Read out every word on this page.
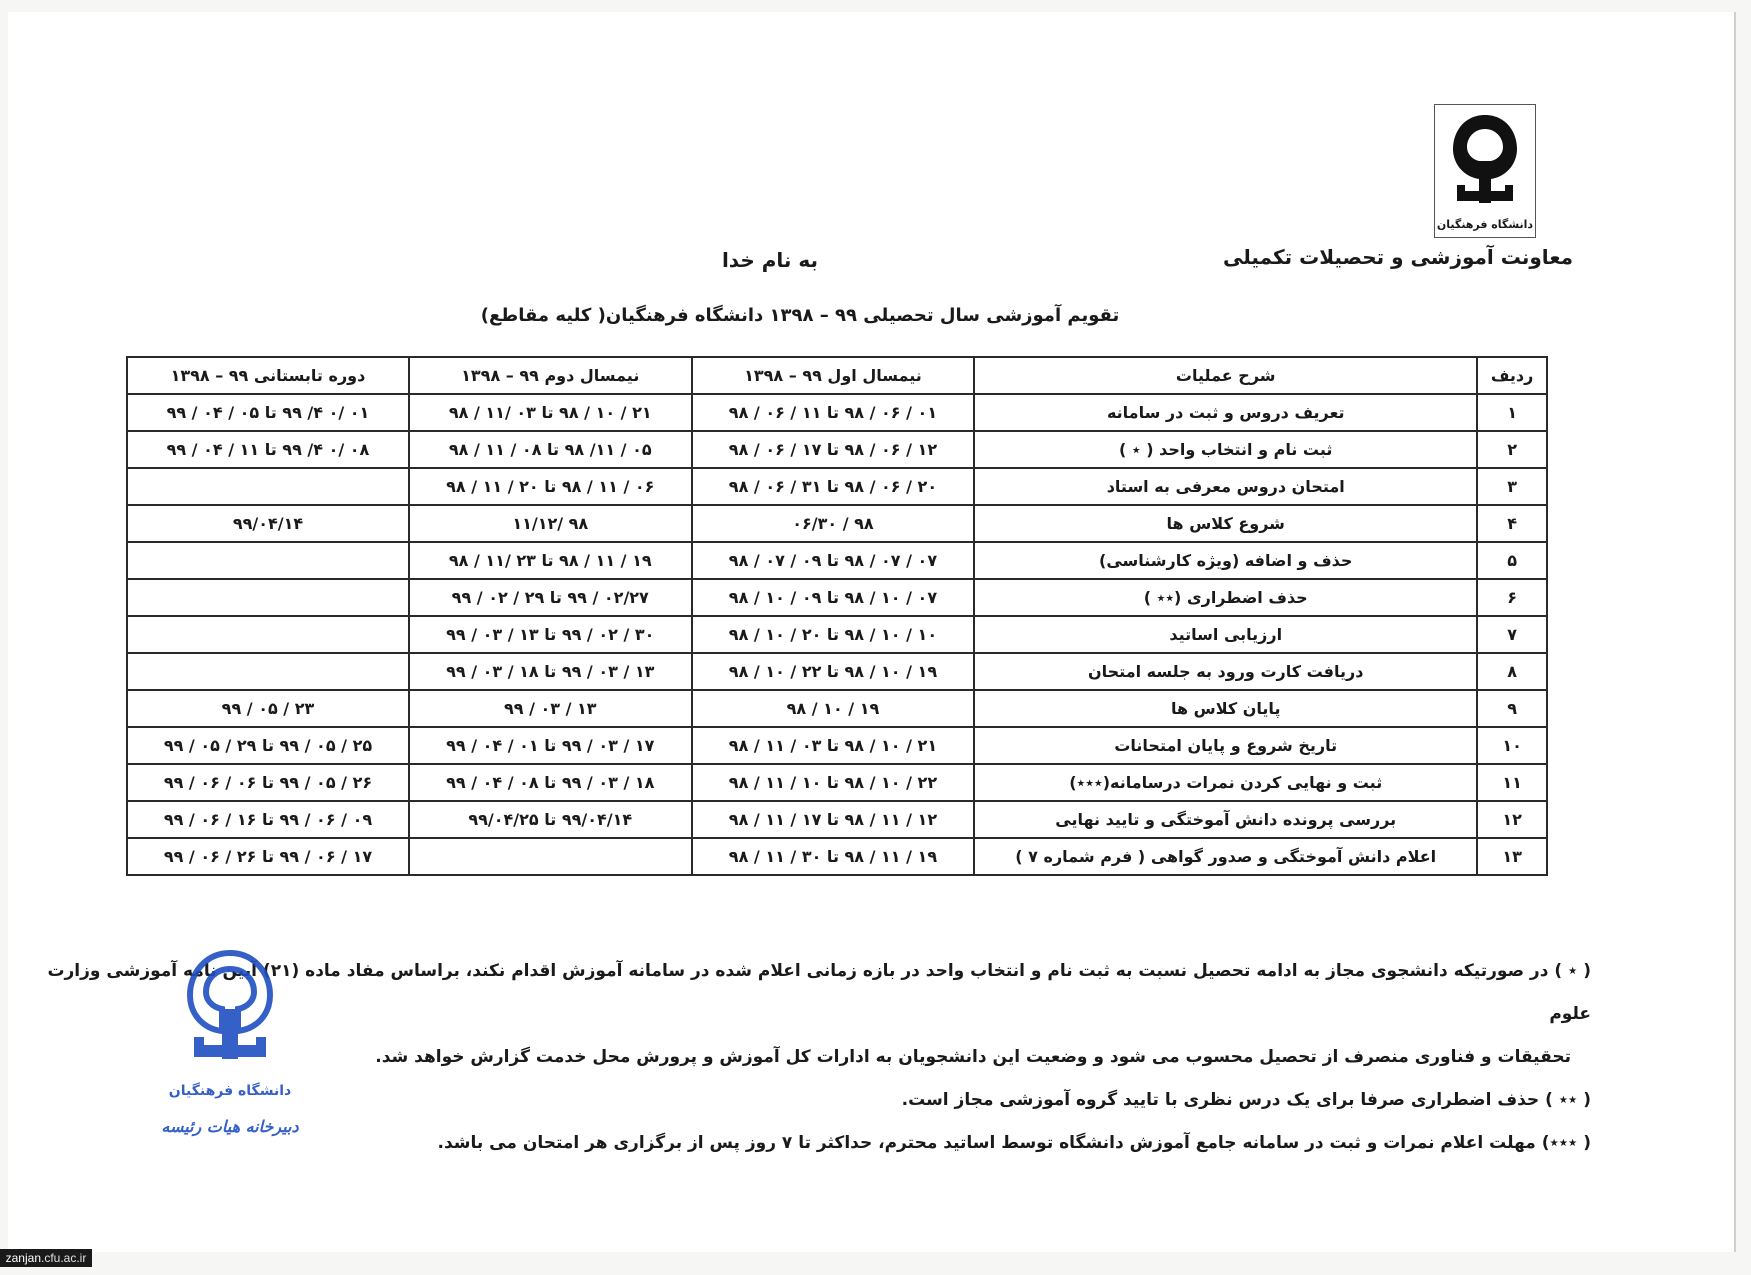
دانشگاه فرهنگیان
معاونت آموزشی و تحصیلات تکمیلی
به نام خدا
تقویم آموزشی سال تحصیلی ۹۹ – ۱۳۹۸ دانشگاه فرهنگیان( کلیه مقاطع)
ردیف	شرح عملیات	نیمسال اول ۹۹ – ۱۳۹۸	نیمسال دوم ۹۹ – ۱۳۹۸	دوره تابستانی ۹۹ – ۱۳۹۸
۱	تعریف دروس و ثبت در سامانه	۰۱ / ۰۶ / ۹۸ تا ۱۱ / ۰۶ / ۹۸	۲۱ / ۱۰ / ۹۸ تا ۰۳ /۱۱ / ۹۸	۰۱ /۰ ۴/ ۹۹ تا ۰۵ / ۰۴ / ۹۹
۲	ثبت نام و انتخاب واحد ( ٭ )	۱۲ / ۰۶ / ۹۸ تا ۱۷ / ۰۶ / ۹۸	۰۵ / ۱۱/ ۹۸ تا ۰۸ / ۱۱ / ۹۸	۰۸ /۰ ۴/ ۹۹ تا ۱۱ / ۰۴ / ۹۹
۳	امتحان دروس معرفی به استاد	۲۰ / ۰۶ / ۹۸ تا ۳۱ / ۰۶ / ۹۸	۰۶ / ۱۱ / ۹۸ تا ۲۰ / ۱۱ / ۹۸	
۴	شروع کلاس ها	۹۸ / ۰۶/۳۰	۹۸ /۱۱/۱۲	۹۹/۰۴/۱۴
۵	حذف و اضافه (ویژه کارشناسی)	۰۷ / ۰۷ / ۹۸ تا ۰۹ / ۰۷ / ۹۸	۱۹ / ۱۱ / ۹۸ تا ۲۳ /۱۱ / ۹۸	
۶	حذف اضطراری (٭٭ )	۰۷ / ۱۰ / ۹۸ تا ۰۹ / ۱۰ / ۹۸	۰۲/۲۷ / ۹۹ تا ۲۹ / ۰۲ / ۹۹	
۷	ارزیابی اساتید	۱۰ / ۱۰ / ۹۸ تا ۲۰ / ۱۰ / ۹۸	۳۰ / ۰۲ / ۹۹ تا ۱۳ / ۰۳ / ۹۹	
۸	دریافت کارت ورود به جلسه امتحان	۱۹ / ۱۰ / ۹۸ تا ۲۲ / ۱۰ / ۹۸	۱۳ / ۰۳ / ۹۹ تا ۱۸ / ۰۳ / ۹۹	
۹	پایان کلاس ها	۱۹ / ۱۰ / ۹۸	۱۳ / ۰۳ / ۹۹	۲۳ / ۰۵ / ۹۹
۱۰	تاریخ شروع و پایان امتحانات	۲۱ / ۱۰ / ۹۸ تا ۰۳ / ۱۱ / ۹۸	۱۷ / ۰۳ / ۹۹ تا ۰۱ / ۰۴ / ۹۹	۲۵ / ۰۵ / ۹۹ تا ۲۹ / ۰۵ / ۹۹
۱۱	ثبت و نهایی کردن نمرات درسامانه(٭٭٭)	۲۲ / ۱۰ / ۹۸ تا ۱۰ / ۱۱ / ۹۸	۱۸ / ۰۳ / ۹۹ تا ۰۸ / ۰۴ / ۹۹	۲۶ / ۰۵ / ۹۹ تا ۰۶ / ۰۶ / ۹۹
۱۲	بررسی پرونده دانش آموختگی و تایید نهایی	۱۲ / ۱۱ / ۹۸ تا ۱۷ / ۱۱ / ۹۸	۹۹/۰۴/۱۴ تا ۹۹/۰۴/۲۵	۰۹ / ۰۶ / ۹۹ تا ۱۶ / ۰۶ / ۹۹
۱۳	اعلام دانش آموختگی و صدور گواهی ( فرم شماره ۷ )	۱۹ / ۱۱ / ۹۸ تا ۳۰ / ۱۱ / ۹۸		۱۷ / ۰۶ / ۹۹ تا ۲۶ / ۰۶ / ۹۹

( ٭ ) در صورتیکه دانشجوی مجاز به ادامه تحصیل نسبت به ثبت نام و انتخاب واحد در بازه زمانی اعلام شده در سامانه آموزش اقدام نکند، براساس مفاد ماده (۲۱) آیین نامه آموزشی وزارت علوم

تحقیقات و فناوری منصرف از تحصیل محسوب می شود و وضعیت این دانشجویان به ادارات کل آموزش و پرورش محل خدمت گزارش خواهد شد.

( ٭٭ ) حذف اضطراری صرفا برای یک درس نظری با تایید گروه آموزشی مجاز است.

( ٭٭٭) مهلت اعلام نمرات و ثبت در سامانه جامع آموزش دانشگاه توسط اساتید محترم، حداکثر تا ۷ روز پس از برگزاری هر امتحان می باشد.

دانشگاه فرهنگیان
دبیرخانه هیات رئیسه
zanjan.cfu.ac.ir
